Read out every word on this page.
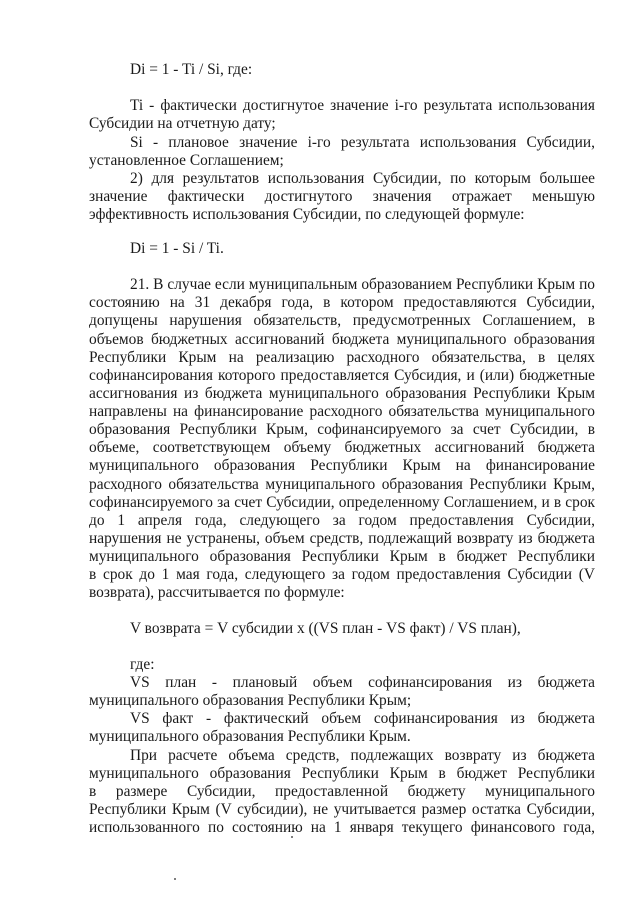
Di = 1 - Ti / Si, где:

Ti - фактически достигнутое значение i-го результата использования

Субсидии на отчетную дату;

Si - плановое значение i-го результата использования Субсидии,

установленное Соглашением;

2) для результатов использования Субсидии, по которым большее

значение фактически достигнутого значения отражает меньшую

эффективность использования Субсидии, по следующей формуле:

Di = 1 - Si / Ti.

21. В случае если муниципальным образованием Республики Крым по

состоянию на 31 декабря года, в котором предоставляются Субсидии,

допущены нарушения обязательств, предусмотренных Соглашением, в

объемов бюджетных ассигнований бюджета муниципального образования

Республики Крым на реализацию расходного обязательства, в целях

софинансирования которого предоставляется Субсидия, и (или) бюджетные

ассигнования из бюджета муниципального образования Республики Крым

направлены на финансирование расходного обязательства муниципального

образования Республики Крым, софинансируемого за счет Субсидии, в

объеме, соответствующем объему бюджетных ассигнований бюджета

муниципального образования Республики Крым на финансирование

расходного обязательства муниципального образования Республики Крым,

софинансируемого за счет Субсидии, определенному Соглашением, и в срок

до 1 апреля года, следующего за годом предоставления Субсидии,

нарушения не устранены, объем средств, подлежащий возврату из бюджета

муниципального образования Республики Крым в бюджет Республики

в срок до 1 мая года, следующего за годом предоставления Субсидии (V

возврата), рассчитывается по формуле:

V возврата = V субсидии x ((VS план - VS факт) / VS план),

где:

VS план - плановый объем софинансирования из бюджета

муниципального образования Республики Крым;

VS факт - фактический объем софинансирования из бюджета

муниципального образования Республики Крым.

При расчете объема средств, подлежащих возврату из бюджета

муниципального образования Республики Крым в бюджет Республики

в размере Субсидии, предоставленной бюджету муниципального

Республики Крым (V субсидии), не учитывается размер остатка Субсидии,

использованного по состоянию на 1 января текущего финансового года,
